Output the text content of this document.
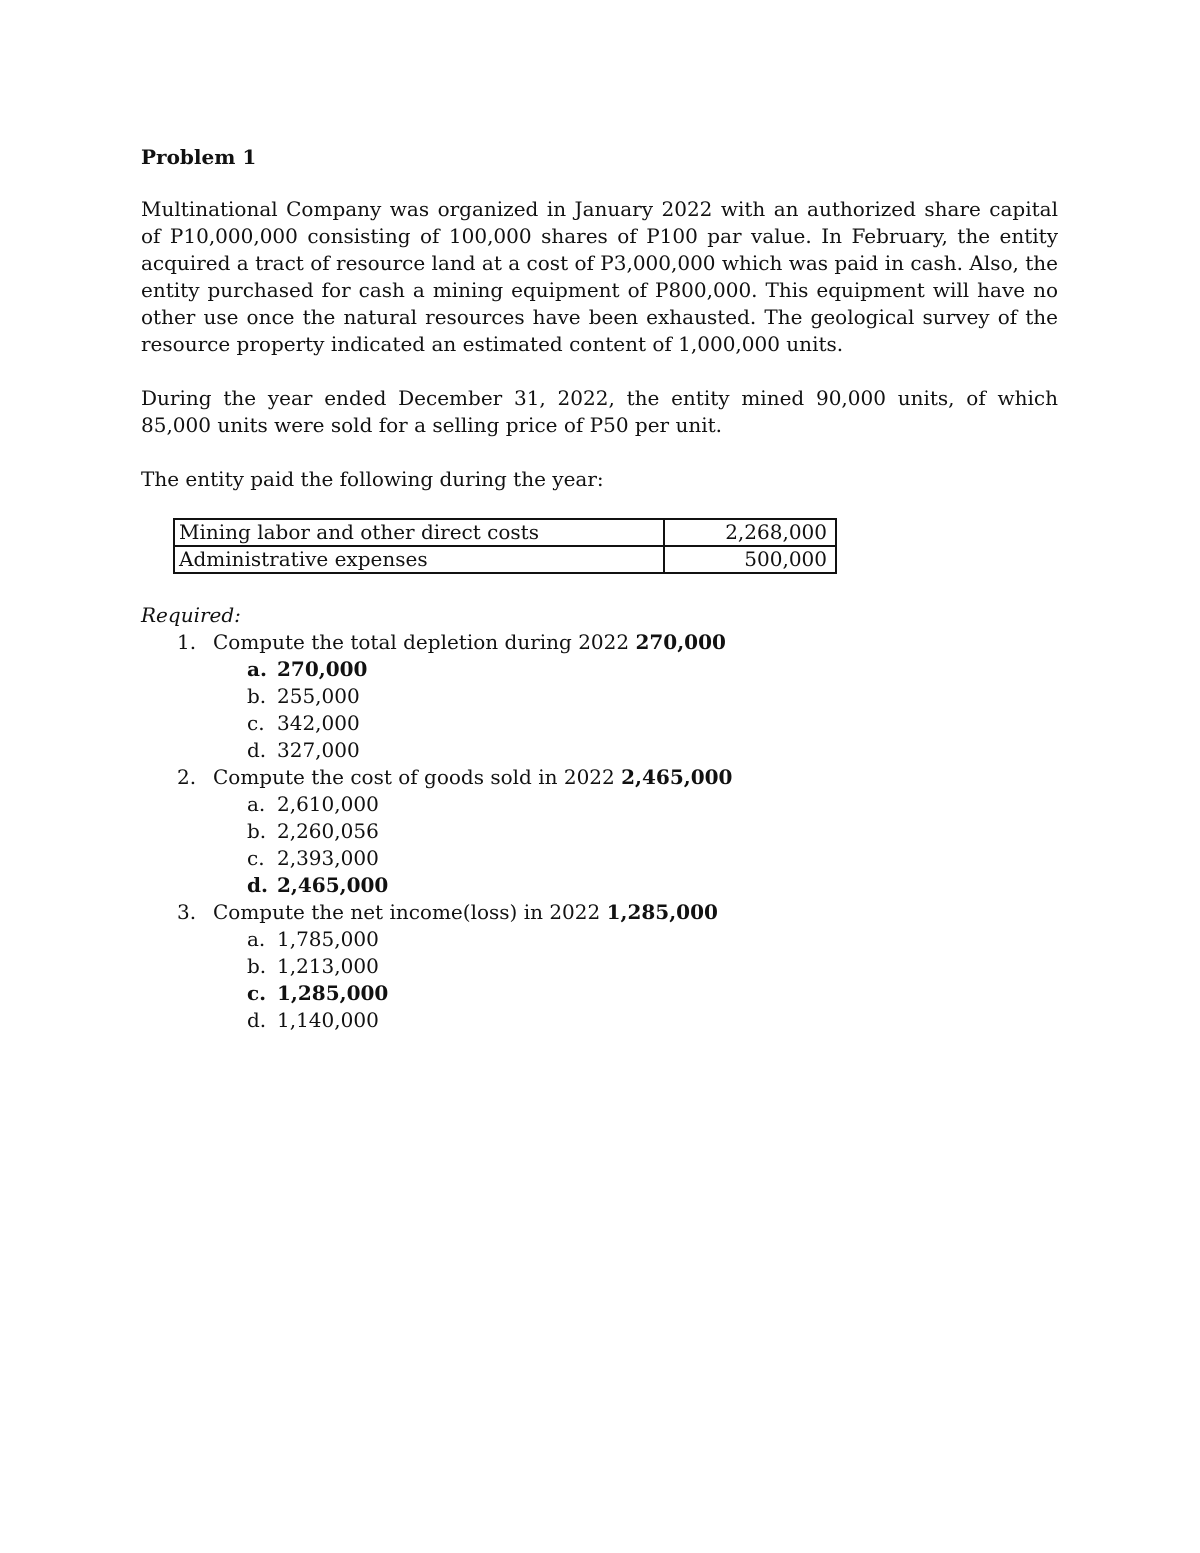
Problem 1

Multinational Company was organized in January 2022 with an authorized share capital of P10,000,000 consisting of 100,000 shares of P100 par value. In February, the entity acquired a tract of resource land at a cost of P3,000,000 which was paid in cash. Also, the entity purchased for cash a mining equipment of P800,000. This equipment will have no other use once the natural resources have been exhausted. The geological survey of the resource property indicated an estimated content of 1,000,000 units.

During the year ended December 31, 2022, the entity mined 90,000 units, of which 85,000 units were sold for a selling price of P50 per unit.

The entity paid the following during the year:

Mining labor and other direct costs	2,268,000
Administrative expenses	500,000

Required:

1. Compute the total depletion during 2022 270,000
a. 270,000
b. 255,000
c. 342,000
d. 327,000
2. Compute the cost of goods sold in 2022 2,465,000
a. 2,610,000
b. 2,260,056
c. 2,393,000
d. 2,465,000
3. Compute the net income(loss) in 2022 1,285,000
a. 1,785,000
b. 1,213,000
c. 1,285,000
d. 1,140,000
